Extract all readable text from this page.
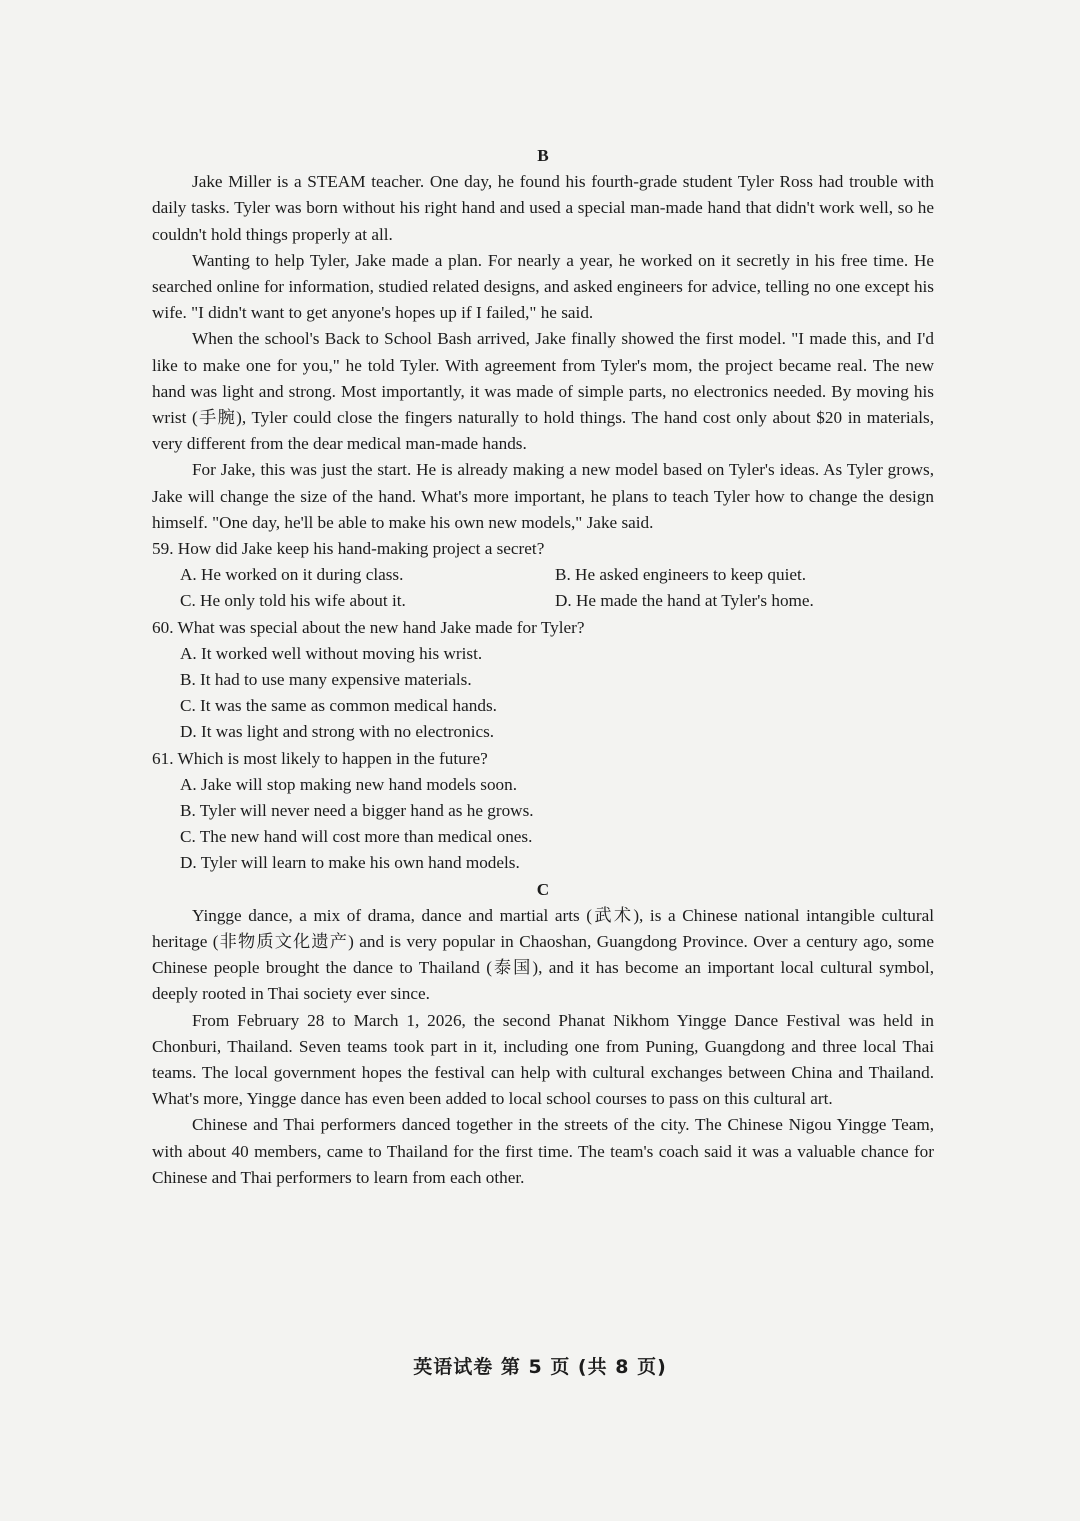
B

Jake Miller is a STEAM teacher. One day, he found his fourth-grade student Tyler Ross had trouble with daily tasks. Tyler was born without his right hand and used a special man-made hand that didn't work well, so he couldn't hold things properly at all.

Wanting to help Tyler, Jake made a plan. For nearly a year, he worked on it secretly in his free time. He searched online for information, studied related designs, and asked engineers for advice, telling no one except his wife. "I didn't want to get anyone's hopes up if I failed," he said.

When the school's Back to School Bash arrived, Jake finally showed the first model. "I made this, and I'd like to make one for you," he told Tyler. With agreement from Tyler's mom, the project became real. The new hand was light and strong. Most importantly, it was made of simple parts, no electronics needed. By moving his wrist (手腕), Tyler could close the fingers naturally to hold things. The hand cost only about $20 in materials, very different from the dear medical man-made hands.

For Jake, this was just the start. He is already making a new model based on Tyler's ideas. As Tyler grows, Jake will change the size of the hand. What's more important, he plans to teach Tyler how to change the design himself. "One day, he'll be able to make his own new models," Jake said.

59. How did Jake keep his hand-making project a secret?

A. He worked on it during class.	B. He asked engineers to keep quiet.
C. He only told his wife about it.	D. He made the hand at Tyler's home.

60. What was special about the new hand Jake made for Tyler?

A. It worked well without moving his wrist.
B. It had to use many expensive materials.
C. It was the same as common medical hands.
D. It was light and strong with no electronics.

61. Which is most likely to happen in the future?

A. Jake will stop making new hand models soon.
B. Tyler will never need a bigger hand as he grows.
C. The new hand will cost more than medical ones.
D. Tyler will learn to make his own hand models.
C

Yingge dance, a mix of drama, dance and martial arts (武术), is a Chinese national intangible cultural heritage (非物质文化遗产) and is very popular in Chaoshan, Guangdong Province. Over a century ago, some Chinese people brought the dance to Thailand (泰国), and it has become an important local cultural symbol, deeply rooted in Thai society ever since.

From February 28 to March 1, 2026, the second Phanat Nikhom Yingge Dance Festival was held in Chonburi, Thailand. Seven teams took part in it, including one from Puning, Guangdong and three local Thai teams. The local government hopes the festival can help with cultural exchanges between China and Thailand. What's more, Yingge dance has even been added to local school courses to pass on this cultural art.

Chinese and Thai performers danced together in the streets of the city. The Chinese Nigou Yingge Team, with about 40 members, came to Thailand for the first time. The team's coach said it was a valuable chance for Chinese and Thai performers to learn from each other.

英语试卷 第 5 页 (共 8 页)
